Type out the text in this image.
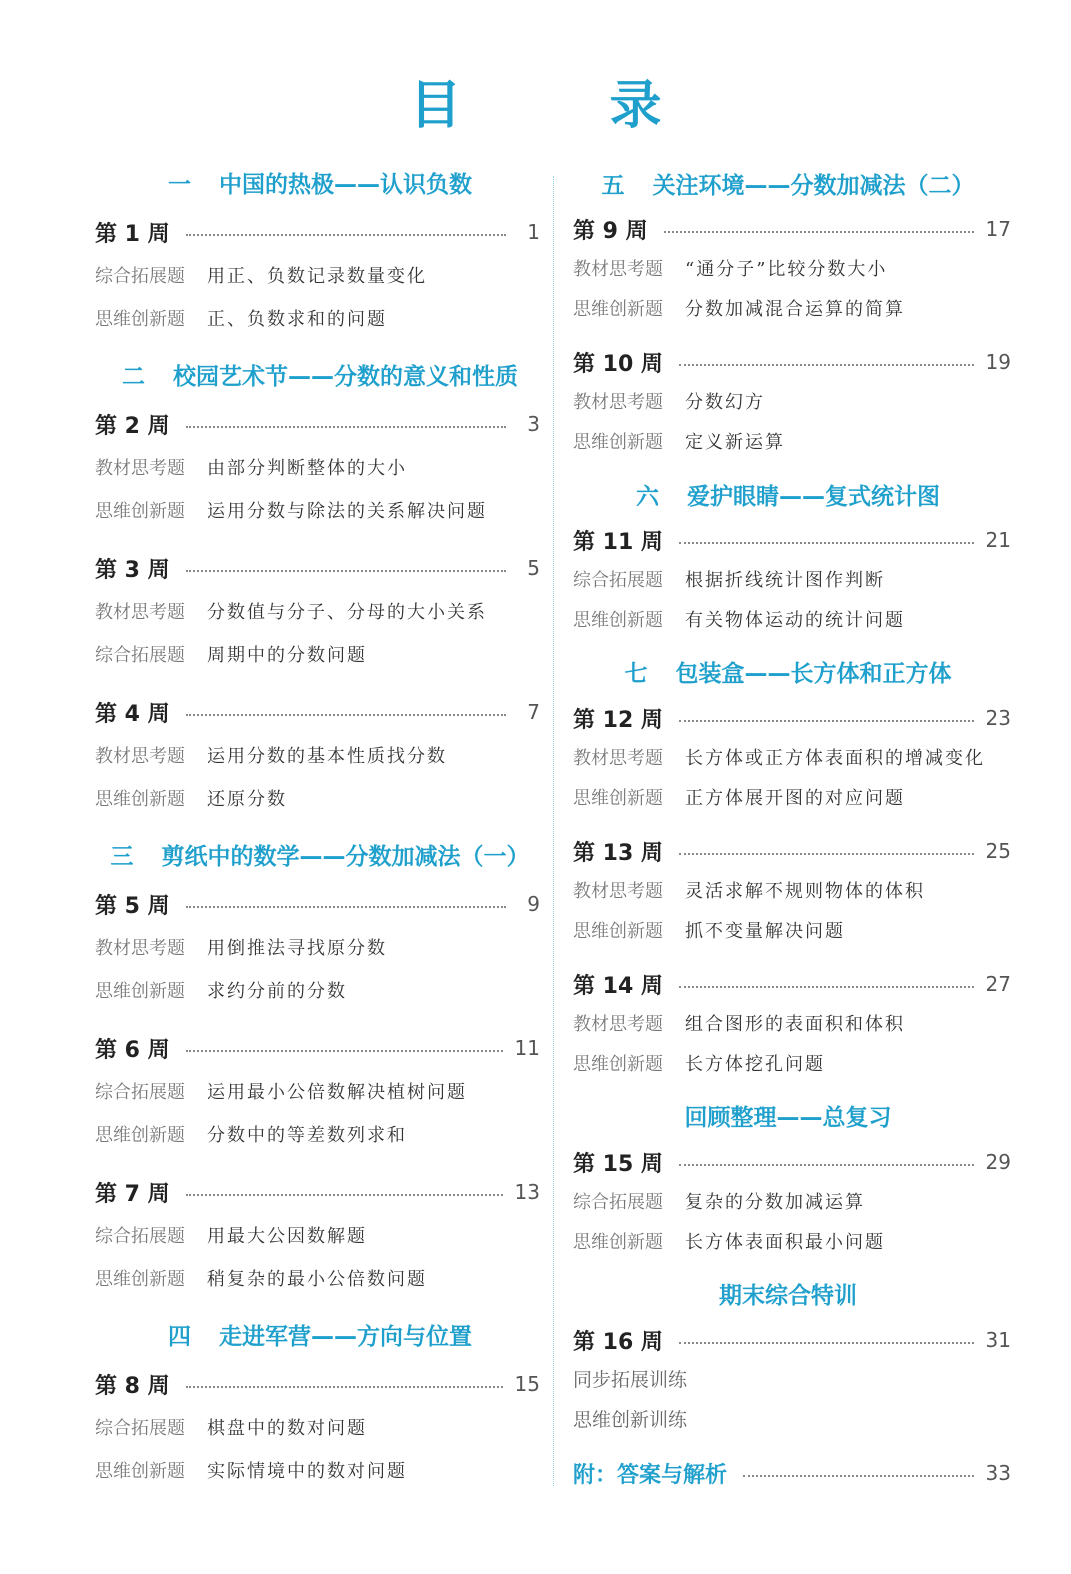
目　录
一 中国的热极——认识负数
第 1 周	1
综合拓展题 用正、负数记录数量变化
思维创新题 正、负数求和的问题
二 校园艺术节——分数的意义和性质
第 2 周	3
教材思考题 由部分判断整体的大小
思维创新题 运用分数与除法的关系解决问题
第 3 周	5
教材思考题 分数值与分子、分母的大小关系
综合拓展题 周期中的分数问题
第 4 周	7
教材思考题 运用分数的基本性质找分数
思维创新题 还原分数
三 剪纸中的数学——分数加减法（一）
第 5 周	9
教材思考题 用倒推法寻找原分数
思维创新题 求约分前的分数
第 6 周	11
综合拓展题 运用最小公倍数解决植树问题
思维创新题 分数中的等差数列求和
第 7 周	13
综合拓展题 用最大公因数解题
思维创新题 稍复杂的最小公倍数问题
四 走进军营——方向与位置
第 8 周	15
综合拓展题 棋盘中的数对问题
思维创新题 实际情境中的数对问题
五 关注环境——分数加减法（二）
第 9 周	17
教材思考题 “通分子”比较分数大小
思维创新题 分数加减混合运算的简算
第 10 周	19
教材思考题 分数幻方
思维创新题 定义新运算
六 爱护眼睛——复式统计图
第 11 周	21
综合拓展题 根据折线统计图作判断
思维创新题 有关物体运动的统计问题
七 包装盒——长方体和正方体
第 12 周	23
教材思考题 长方体或正方体表面积的增减变化
思维创新题 正方体展开图的对应问题
第 13 周	25
教材思考题 灵活求解不规则物体的体积
思维创新题 抓不变量解决问题
第 14 周	27
教材思考题 组合图形的表面积和体积
思维创新题 长方体挖孔问题
回顾整理——总复习
第 15 周	29
综合拓展题 复杂的分数加减运算
思维创新题 长方体表面积最小问题
期末综合特训
第 16 周	31
同步拓展训练
思维创新训练
附：答案与解析	33
